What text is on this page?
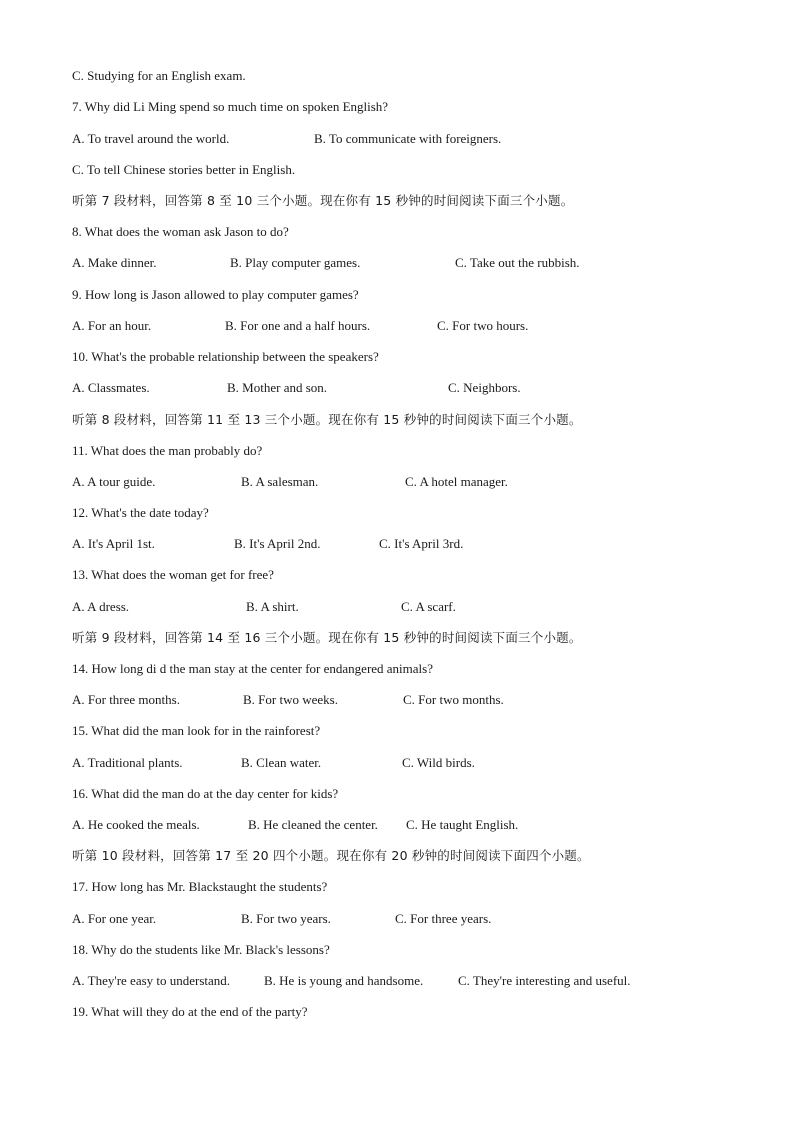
C. Studying for an English exam.
7. Why did Li Ming spend so much time on spoken English?
A. To travel around the world.	B. To communicate with foreigners.
C. To tell Chinese stories better in English.
听第 7 段材料，回答第 8 至 10 三个小题。现在你有 15 秒钟的时间阅读下面三个小题。
8. What does the woman ask Jason to do?
A. Make dinner.	B. Play computer games.	C. Take out the rubbish.
9. How long is Jason allowed to play computer games?
A. For an hour.	B. For one and a half hours.	C. For two hours.
10. What's the probable relationship between the speakers?
A. Classmates.	B. Mother and son.	C. Neighbors.
听第 8 段材料，回答第 11 至 13 三个小题。现在你有 15 秒钟的时间阅读下面三个小题。
11. What does the man probably do?
A. A tour guide.	B. A salesman.	C. A hotel manager.
12. What's the date today?
A. It's April 1st.	B. It's April 2nd.	C. It's April 3rd.
13. What does the woman get for free?
A. A dress.	B. A shirt.	C. A scarf.
听第 9 段材料，回答第 14 至 16 三个小题。现在你有 15 秒钟的时间阅读下面三个小题。
14. How long di d the man stay at the center for endangered animals?
A. For three months.	B. For two weeks.	C. For two months.
15. What did the man look for in the rainforest?
A. Traditional plants.	B. Clean water.	C. Wild birds.
16. What did the man do at the day center for kids?
A. He cooked the meals.	B. He cleaned the center. C. He taught English.
听第 10 段材料，回答第 17 至 20 四个小题。现在你有 20 秒钟的时间阅读下面四个小题。
17. How long has Mr. Blackstaught the students?
A. For one year.	B. For two years.	C. For three years.
18. Why do the students like Mr. Black's lessons?
A. They're easy to understand.	B. He is young and handsome.	C. They're interesting and useful.
19. What will they do at the end of the party?
